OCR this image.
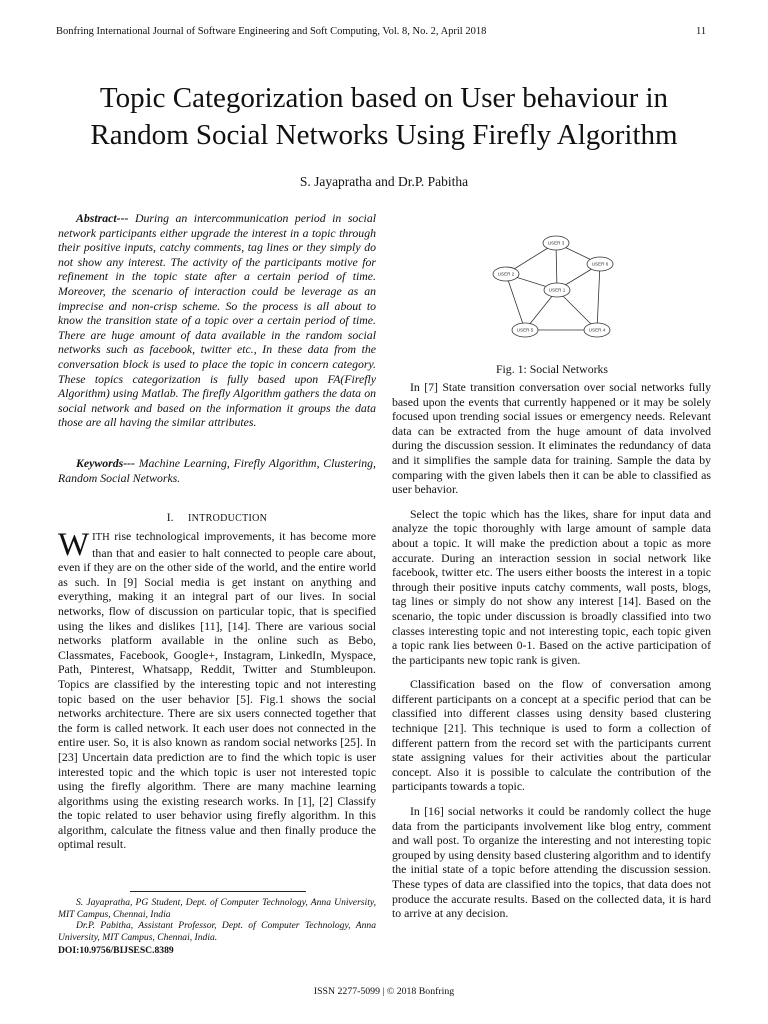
Bonfring International Journal of Software Engineering and Soft Computing, Vol. 8, No. 2, April 2018	11
Topic Categorization based on User behaviour in
Random Social Networks Using Firefly Algorithm
S. Jayapratha and Dr.P. Pabitha

Abstract--- During an intercommunication period in social network participants either upgrade the interest in a topic through their positive inputs, catchy comments, tag lines or they simply do not show any interest. The activity of the participants motive for refinement in the topic state after a certain period of time. Moreover, the scenario of interaction could be leverage as an imprecise and non-crisp scheme. So the process is all about to know the transition state of a topic over a certain period of time. There are huge amount of data available in the random social networks such as facebook, twitter etc., In these data from the conversation block is used to place the topic in concern category. These topics categorization is fully based upon FA(Firefly Algorithm) using Matlab. The firefly Algorithm gathers the data on social network and based on the information it groups the data those are all having the similar attributes.

Keywords--- Machine Learning, Firefly Algorithm, Clustering, Random Social Networks.

I. INTRODUCTION

WITH rise technological improvements, it has become more than that and easier to halt connected to people care about, even if they are on the other side of the world, and the entire world as such. In [9] Social media is get instant on anything and everything, making it an integral part of our lives. In social networks, flow of discussion on particular topic, that is specified using the likes and dislikes [11], [14]. There are various social networks platform available in the online such as Bebo, Classmates, Facebook, Google+, Instagram, LinkedIn, Myspace, Path, Pinterest, Whatsapp, Reddit, Twitter and Stumbleupon. Topics are classified by the interesting topic and not interesting topic based on the user behavior [5]. Fig.1 shows the social networks architecture. There are six users connected together that the form is called network. It each user does not connected in the entire user. So, it is also known as random social networks [25]. In [23] Uncertain data prediction are to find the which topic is user interested topic and the which topic is user not interested topic using the firefly algorithm. There are many machine learning algorithms using the existing research works. In [1], [2] Classify the topic related to user behavior using firefly algorithm. In this algorithm, calculate the fitness value and then finally produce the optimal result.

S. Jayapratha, PG Student, Dept. of Computer Technology, Anna University, MIT Campus, Chennai, India

Dr.P. Pabitha, Assistant Professor, Dept. of Computer Technology, Anna University, MIT Campus, Chennai, India.

DOI:10.9756/BIJSESC.8389
USER 3
USER 2
USER 6
USER 1
USER 5	USER 4
Fig. 1: Social Networks

In [7] State transition conversation over social networks fully based upon the events that currently happened or it may be solely focused upon trending social issues or emergency needs. Relevant data can be extracted from the huge amount of data involved during the discussion session. It eliminates the redundancy of data and it simplifies the sample data for training. Sample the data by comparing with the given labels then it can be able to classified as user behavior.

Select the topic which has the likes, share for input data and analyze the topic thoroughly with large amount of sample data about a topic. It will make the prediction about a topic as more accurate. During an interaction session in social network like facebook, twitter etc. The users either boosts the interest in a topic through their positive inputs catchy comments, wall posts, blogs, tag lines or simply do not show any interest [14]. Based on the scenario, the topic under discussion is broadly classified into two classes interesting topic and not interesting topic, each topic given a topic rank lies between 0-1. Based on the active participation of the participants new topic rank is given.

Classification based on the flow of conversation among different participants on a concept at a specific period that can be classified into different classes using density based clustering technique [21]. This technique is used to form a collection of different pattern from the record set with the participants current state assigning values for their activities about the particular concept. Also it is possible to calculate the contribution of the participants towards a topic.

In [16] social networks it could be randomly collect the huge data from the participants involvement like blog entry, comment and wall post. To organize the interesting and not interesting topic grouped by using density based clustering algorithm and to identify the initial state of a topic before attending the discussion session. These types of data are classified into the topics, that data does not produce the accurate results. Based on the collected data, it is hard to arrive at any decision.

ISSN 2277-5099 | © 2018 Bonfring
